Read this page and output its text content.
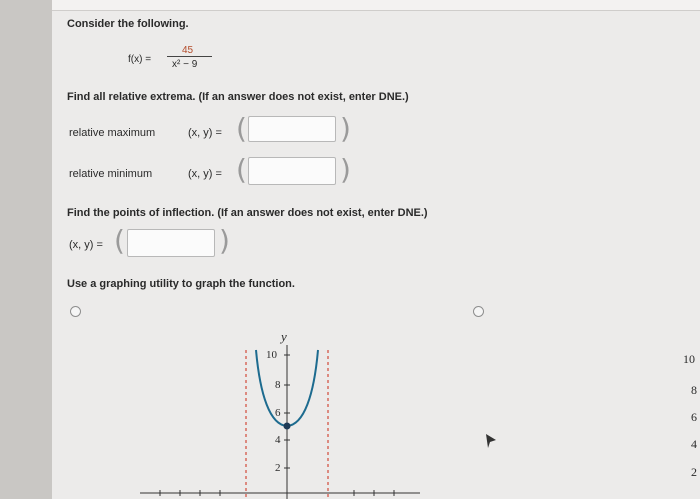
Consider the following.
f(x) =
45
x² − 9
Find all relative extrema. (If an answer does not exist, enter DNE.)
relative maximum	(x, y) = (	)
relative minimum	(x, y) = (	)
Find the points of inflection. (If an answer does not exist, enter DNE.)
(x, y) = (	)
Use a graphing utility to graph the function.
y
10
8
6
4
2
10
8
6
4
2
